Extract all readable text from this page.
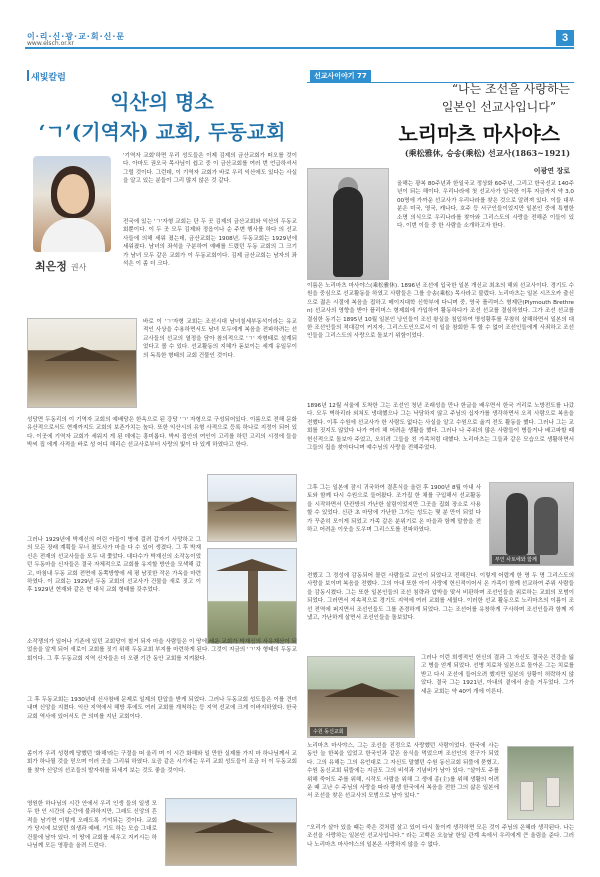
이·리·신·광·교·회·신·문
www.elsch.or.kr	3
새빛칼럼
익산의 명소
‘ㄱ’(기역자) 교회, 두동교회
최은정 권사
'기역자 교회'하면 우리 성도들은 이제 김제의 금산교회가 떠오를 것이다. 아마도 권오국 목사님이 쉽고 중 이 금산교회를 여러 번 언급하셔서 그럴 것이다. 그런데, 이 기역자 교회가 바로 우리 익산에도 있다는 사실을 알고 있는 분들이 그리 많지 않은 것 같다.
전국에 있는 'ㄱ'자형 교회는 단 두 곳 김제의 금산교회와 익산의 두동교회뿐이다. 이 두 곳 모두 김제와 정읍이나 순 주변 행사를 하다 의 선교사들에 의해 세워 졌는데, 금산교회는 1908년, 두동교회는 1929년에 세워졌다. 남녀의 좌석을 구분하여 예배를 드렸던 두동 교회의 그 크기가 남녀 모두 같은 교회가 이 두동교회이다. 김제 금산교회는 남자의 좌석은 이 좀 더 크다.
바로 이 'ㄱ'자형 교회는 조선시대 남녀칠세부동석이라는 유교적인 사상을 수용하면서도 남녀 모두에게 복음을 전파하려는 선교사들의 선교의 열정을 담아 참의적으로 'ㄱ' 자형태로 설계되었다고 볼 수 있다. 선교활동의 지혜가 돋보이는 세계 유일무이의 독특한 형태의 교회 건물인 것이다.
성당면 두동리의 이 기역자 교회의 예배당은 한옥으로 된 강당 'ㄱ' 자형으로 구성되어있다. 이름으로 전해 문화유산적으로서도 현재까지도 교회의 보존가치는 높다. 또한 익산시의 유형 사적으로 등록 하나로 지정이 되어 있다. 이곳에 기역자 교회가 세워지 게 된 데에는 흥미롭다. 박씨 집안의 여인이 고리를 하던 고리의 시정에 들을 박씨 집 에게 사적을 바로 성 어디 해리슨 선교사로부터 사랑의 빛이 다 있게 하였다고 한다.
그러나 1929년에 박재신의 어린 아들이 병에 걸려 갑자기 사망하고 그의 모든 장래 계획들 무너 졌도사가 마을 다 수 있어 생겼다. 그 후 박재신은 전재의 선교사들을 모두 내 쫓았다. 대다수가 박재신의 소작농이었던 두동마을 신자들은 결국 자체적으로 교회를 유지할 방안을 모색해 갔고, 마침내 두동 교회 전면에 동쪽방향에 세 평 남짓한 작은 가옥을 마련하였다. 이 교회는 1929년 두동 교회의 선교사가 건물을 새로 짓고 이후 1929년 현재와 같은 현 대식 교회 형태를 갖추었다.
소작쟁의가 일어나 기존에 있던 교회당이 철거 되자 마을 사람들은 이 땅에 세운 교회가 박재신의 사유재산이 되었음을 알게 되어 새로이 교회를 짓기 위해 두동교회 부지를 마련하게 된다. 그것이 지금의 'ㄱ'자 형태의 두동교회이다. 그 후 두동교회 지역 신자들은 더 오랜 기간 동안 교회를 지켜왔다.
그 후 두동교회는 1930년대 신사참배 문제로 일제의 탄압을 받게 되었다. 그러나 두동교회 성도들은 이를 견뎌 내며 신앙을 지켰다. 익산 지역에서 해방 후에도 여러 교회를 개척하는 등 지역 선교에 크게 이바지하였다. 한국 교회 역사에 있어서도 큰 의미를 지닌 교회이다.
좀이가 우리 성령께 당했던 '화해'라는 구절을 떠 울리 며 이 시간 화해와 일 만한 실제를 가지 마 하나님께서 교회가 하나될 것을 믿으며 이러 곳을 그리워 하였다. 요즘 같은 시기에는 우리 교회 성도들이 조금 더 이 두동교회를 찾아 신앙의 선조들의 발자취를 되새겨 보는 것도 좋을 것이다.
영원한 하나님의 시간 안에서 우리 인생 들의 일생 모두 한 인 시간의 순간에 불과하지만, 그래도 신앙의 흔적을 남기면 이렇게 오래도록 기억되는 것이다. 교회가 당시에 보였던 희생과 예배, 기도 하는 모습 그대로 건물에 남아 있다. 이 땅에 교회를 세우고 지키시는 하나님께 모든 영광을 올려 드린다.
선교사이야기 77
“나는 조선을 사랑하는
일본인 선교사입니다”
노리마츠 마사야스
(乘松雅休, 승송(乘松) 선교사(1863~1921)
이광연 장로
올해는 광복 80주년과 한일국교 정상화 60주년, 그리고 한국선교 140주년이 되는 해이다. 우리나라에 첫 선교사가 입국한 이후 지금까지 약 3,000명에 가까운 선교사가 우리나라를 찾은 것으로 알려져 있다. 이들 대부분은 미국, 영국, 캐나다, 호주 등 서구인들이었지만 일본인 중에 특별한 소명 의식으로 우리나라를 찾아와 그리스도의 사랑을 전해준 이들이 있다. 이번 이들 중 한 사람을 소개하고자 한다.
이름은 노리마츠 마사야스(乘松雅休). 1896년 조선에 입국한 일본 개신교 최초의 해외 선교사이다. 경기도 수원을 중심으로 선교활동을 하였고 사람들은 그를 승송(乘松) 목사라고 불렀다. 노리마츠는 일본 시즈오카 출신으로 젊은 시절에 복음을 접하고 메이지대학 신학부에 다니며 중, 영국 플리머스 형제단(Plymouth Brethren) 선교사의 영향을 받아 플리머스 형제회에 가입하여 활동하다가 조선 선교를 결심하였다. 그가 조선 선교를 결심한 동기는 1895년 10월 일본인 낭인들이 조선 왕실을 침입하여 명성황후를 무참히 살해하면서 일본의 대한 조선인들의 적대감이 커지자, 그리스도인으로서 이 일을 참회한 후 할 수 없어 조선인들에게 사죄하고 조선인들을 그리스도의 사랑으로 돌보기 위함이었다.
1896년 12월 서울에 도착한 그는 조선인 청년 조래성을 만나 한글을 배우면서 한국 거리로 노방전도를 나갔다. 모두 벽하리라 외쳐도 냉대했으나 그는 낙담하지 않고 주님의 십자가를 생각하면서 오직 사람으로 복음을 전했다. 이후 수원에 선교사가 한 사람도 없다는 사실을 알고 수원으로 옮겨 전도 활동을 했다. 그러나 그는 교회를 짓지도 않았다 나가 여러 해 어려운 생활을 했다. 그러나 나 주위의 많은 사람들이 병들거나 배고파할 때 헌신적으로 돌보아 주었고, 오히려 그들을 친 가족처럼 대했다. 노리마츠는 그들과 같은 모습으로 생활하면서 그들의 집을 찾아다니며 예수님의 사랑을 전해주었다.
그후 그는 일본에 잠시 귀국하여 결혼식을 올린 후 1900년 8월 아내 사토와 함께 다시 수원으로 들어왔다. 조가집 한 채를 구입해서 선교활동을 시작하면서 단칸방의 가난한 살림이었지만 그곳을 집회 장소로 사용할 수 있었다. 신관 초 마당에 가난한 그가는 성도는 몇 분 만이 되었 다가 꾸준히 모이게 되었고 가족 같은 분위기로 온 마을과 함께 말씀을 전하고 어려운 이웃을 도우며 그리스도를 전파하였다.
부인 사토에와 함께
전했고 그 정성에 감동되어 몰린 사람들로 교인이 되었다고 전해진다. 이렇게 어렵게 한 명 두 명 그리스도의 사랑을 보이며 복음을 전했다. 그의 아내 또한 아이 사랑에 헌신적이어서 온 가족이 함께 선교하여 주위 사람들을 감동시켰다. 그는 또한 일본인들의 조선 침략과 압박을 맞서 비판하며 조선인들을 위로하는 교회의 모범이 되었다. 그러면서 지속적으로 경기도 지역에 여러 교회를 세웠다. 이러한 선교 활동으로 노리마츠의 이름이 조선 전역에 퍼지면서 조선인들도 그를 존경하게 되었다. 그는 조선어를 유창하게 구사하며 조선인들과 함께 지냈고, 가난하게 살면서 조선인들을 돌보았다.
수원 동신교회
그러나 이런 희생적인 헌신의 결과 그 자신도 결국은 건강을 잃고 병을 얻게 되었다. 선병 치료차 일본으로 돌아온 그는 치료를 받고 다시 조선에 들어오려 했지만 일본의 상황이 허락하지 않았다. 결국 그는 1921년, 아내의 곁에서 숨을 거두었다. 그가 세운 교회는 약 40여 개에 이른다.
노리마츠 마사야스, 그는 조선을 진정으로 사랑했던 사람이었다. 한국에 사는 동안 늘 한복을 입었고 한국인과 같은 음식을 먹었으며 조선인의 친구가 되었다. 그의 유해는 그의 유언대로 그 자신도 말했던 수원 동신교회 뒤뜰에 묻혔고, 수원 동신교회 뒤뜰에는 지금도 그의 비석과 기념비가 남아 있다. “살아도 주를 위해 죽어도 주를 위해, 시작도 사람을 위해 그 생애 종(主)를 위해 생활의 어려운 때 고난 수 주님의 사랑을 따라 평생 한국에서 복음을 전한 그의 삶은 일본에서 조선을 찾은 선교사의 모범으로 남아 있다.”
“오리가 살아 있을 때는 죽은 것처럼 살고 있어 다시 돌이켜 생각하면 모든 것이 주님의 은혜라 생각된다. 나는 조선을 사랑하는 일본인 선교사입니다.” 라는 고백은 오늘날 한일 관계 속에서 우리에게 큰 울림을 준다. 그러나 노리마츠 마사야스의 일본은 사랑하지 않을 수 없다.
